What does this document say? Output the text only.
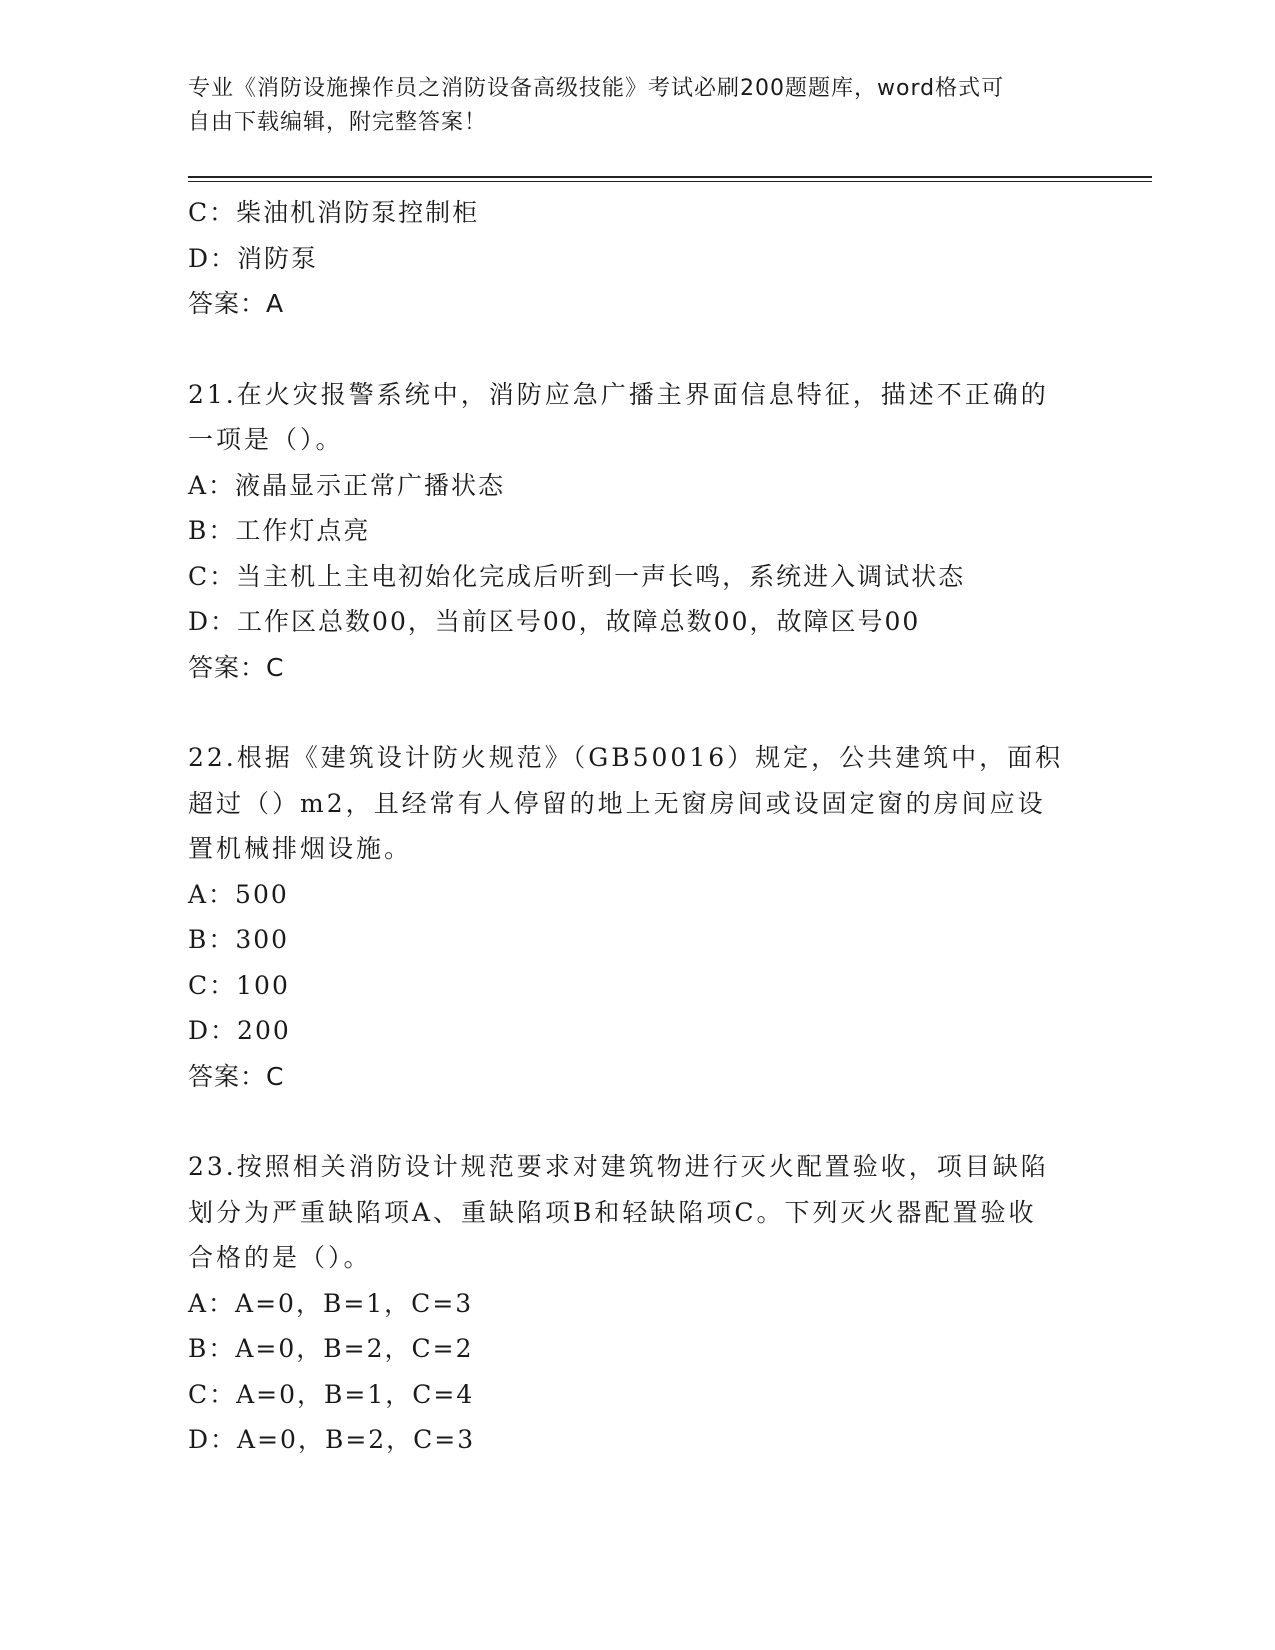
专业《消防设施操作员之消防设备高级技能》考试必刷200题题库，word格式可
自由下载编辑，附完整答案！
C：柴油机消防泵控制柜
D：消防泵
答案：A
21.在火灾报警系统中，消防应急广播主界面信息特征，描述不正确的
一项是（）。
A：液晶显示正常广播状态
B：工作灯点亮
C：当主机上主电初始化完成后听到一声长鸣，系统进入调试状态
D：工作区总数00，当前区号00，故障总数00，故障区号00
答案：C
22.根据《建筑设计防火规范》（GB50016）规定，公共建筑中，面积
超过（）m2，且经常有人停留的地上无窗房间或设固定窗的房间应设
置机械排烟设施。
A：500
B：300
C：100
D：200
答案：C
23.按照相关消防设计规范要求对建筑物进行灭火配置验收，项目缺陷
划分为严重缺陷项A、重缺陷项B和轻缺陷项C。下列灭火器配置验收
合格的是（）。
A：A=0，B=1，C=3
B：A=0，B=2，C=2
C：A=0，B=1，C=4
D：A=0，B=2，C=3
